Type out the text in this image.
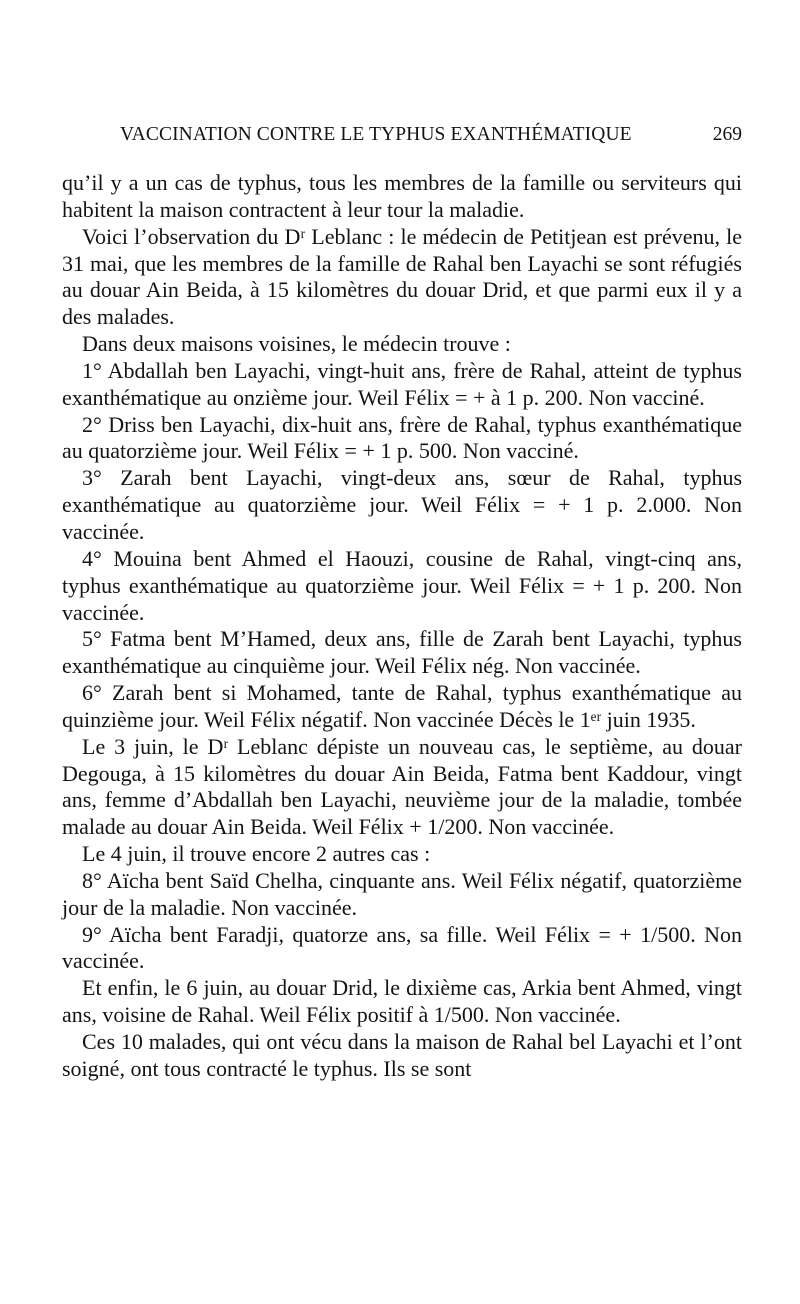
VACCINATION CONTRE LE TYPHUS EXANTHÉMATIQUE	269

qu’il y a un cas de typhus, tous les membres de la famille ou serviteurs qui habitent la maison contractent à leur tour la maladie.

Voici l’observation du Dʳ Leblanc : le médecin de Petitjean est prévenu, le 31 mai, que les membres de la famille de Rahal ben Layachi se sont réfugiés au douar Ain Beida, à 15 kilomètres du douar Drid, et que parmi eux il y a des malades.

Dans deux maisons voisines, le médecin trouve :

1° Abdallah ben Layachi, vingt-huit ans, frère de Rahal, atteint de typhus exanthématique au onzième jour. Weil Félix = + à 1 p. 200. Non vacciné.

2° Driss ben Layachi, dix-huit ans, frère de Rahal, typhus exanthématique au quatorzième jour. Weil Félix = + 1 p. 500. Non vacciné.

3° Zarah bent Layachi, vingt-deux ans, sœur de Rahal, typhus exanthématique au quatorzième jour. Weil Félix = + 1 p. 2.000. Non vaccinée.

4° Mouina bent Ahmed el Haouzi, cousine de Rahal, vingt-cinq ans, typhus exanthématique au quatorzième jour. Weil Félix = + 1 p. 200. Non vaccinée.

5° Fatma bent M’Hamed, deux ans, fille de Zarah bent Layachi, typhus exanthématique au cinquième jour. Weil Félix nég. Non vaccinée.

6° Zarah bent si Mohamed, tante de Rahal, typhus exanthématique au quinzième jour. Weil Félix négatif. Non vaccinée Décès le 1ᵉʳ juin 1935.

Le 3 juin, le Dʳ Leblanc dépiste un nouveau cas, le septième, au douar Degouga, à 15 kilomètres du douar Ain Beida, Fatma bent Kaddour, vingt ans, femme d’Abdallah ben Layachi, neuvième jour de la maladie, tombée malade au douar Ain Beida. Weil Félix + 1/200. Non vaccinée.

Le 4 juin, il trouve encore 2 autres cas :

8° Aïcha bent Saïd Chelha, cinquante ans. Weil Félix négatif, quatorzième jour de la maladie. Non vaccinée.

9° Aïcha bent Faradji, quatorze ans, sa fille. Weil Félix = + 1/500. Non vaccinée.

Et enfin, le 6 juin, au douar Drid, le dixième cas, Arkia bent Ahmed, vingt ans, voisine de Rahal. Weil Félix positif à 1/500. Non vaccinée.

Ces 10 malades, qui ont vécu dans la maison de Rahal bel Layachi et l’ont soigné, ont tous contracté le typhus. Ils se sont
